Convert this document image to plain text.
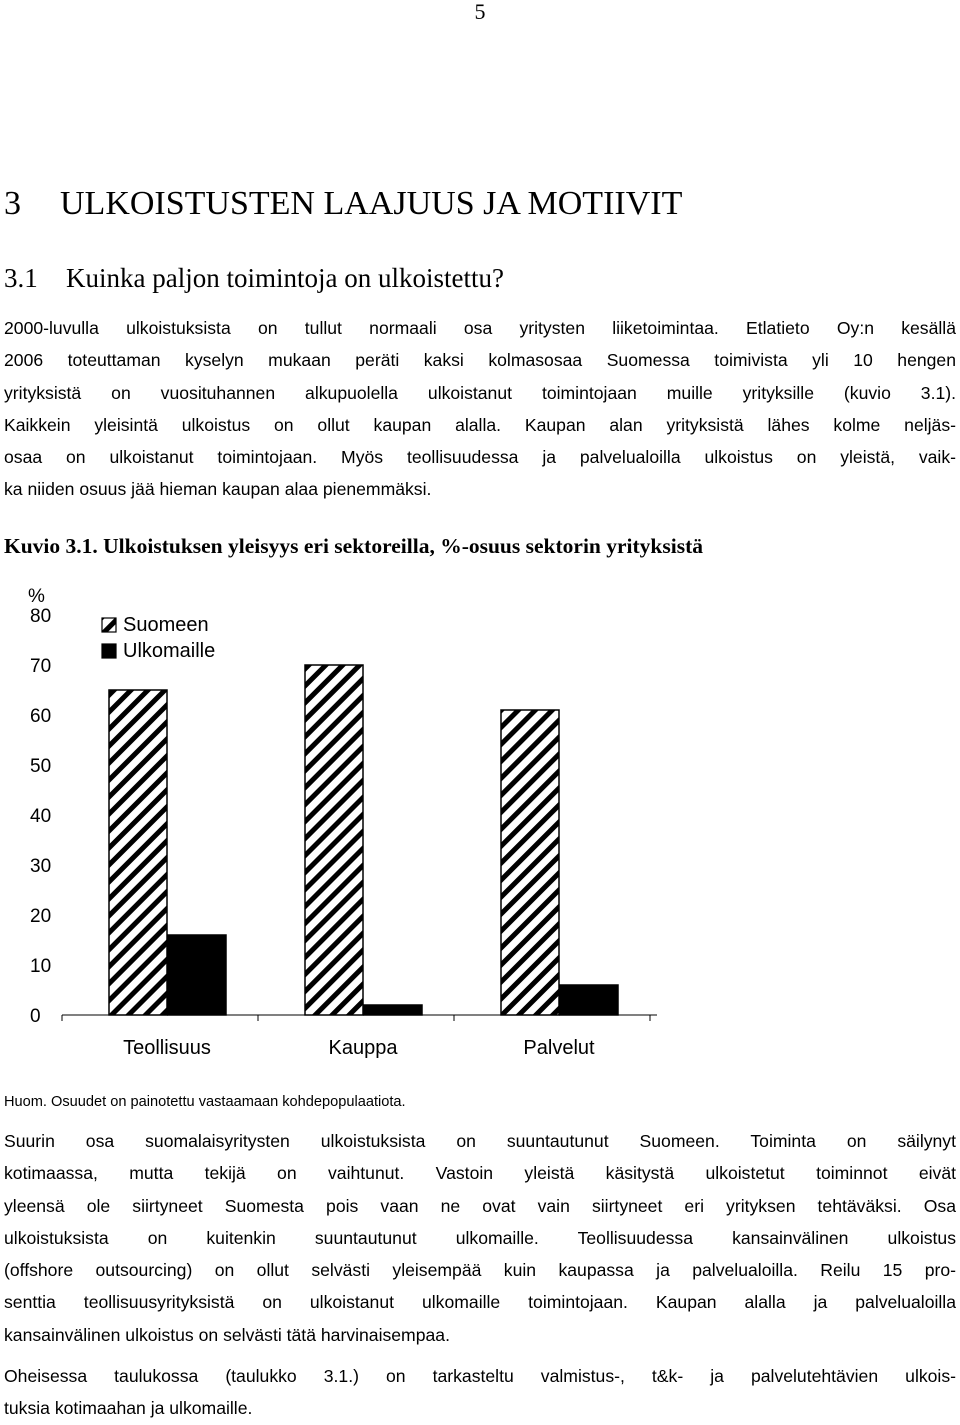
5
3 ULKOISTUSTEN LAAJUUS JA MOTIIVIT
3.1 Kuinka paljon toimintoja on ulkoistettu?
2000-luvulla ulkoistuksista on tullut normaali osa yritysten liiketoimintaa. Etlatieto Oy:n kesällä
2006 toteuttaman kyselyn mukaan peräti kaksi kolmasosaa Suomessa toimivista yli 10 hengen
yrityksistä on vuosituhannen alkupuolella ulkoistanut toimintojaan muille yrityksille (kuvio 3.1).
Kaikkein yleisintä ulkoistus on ollut kaupan alalla. Kaupan alan yrityksistä lähes kolme neljäs-
osaa on ulkoistanut toimintojaan. Myös teollisuudessa ja palvelualoilla ulkoistus on yleistä, vaik-
ka niiden osuus jää hieman kaupan alaa pienemmäksi.
Kuvio 3.1. Ulkoistuksen yleisyys eri sektoreilla, %-osuus sektorin yrityksistä
%
80
70
60
50
40
30
20
10
0
Teollisuus	Kauppa	Palvelut
Suomeen
Ulkomaille
Huom. Osuudet on painotettu vastaamaan kohdepopulaatiota.
Suurin osa suomalaisyritysten ulkoistuksista on suuntautunut Suomeen. Toiminta on säilynyt
kotimaassa, mutta tekijä on vaihtunut. Vastoin yleistä käsitystä ulkoistetut toiminnot eivät
yleensä ole siirtyneet Suomesta pois vaan ne ovat vain siirtyneet eri yrityksen tehtäväksi. Osa
ulkoistuksista on kuitenkin suuntautunut ulkomaille. Teollisuudessa kansainvälinen ulkoistus
(offshore outsourcing) on ollut selvästi yleisempää kuin kaupassa ja palvelualoilla. Reilu 15 pro-
senttia teollisuusyrityksistä on ulkoistanut ulkomaille toimintojaan. Kaupan alalla ja palvelualoilla
kansainvälinen ulkoistus on selvästi tätä harvinaisempaa.
Oheisessa taulukossa (taulukko 3.1.) on tarkasteltu valmistus-, t&k- ja palvelutehtävien ulkois-
tuksia kotimaahan ja ulkomaille.
